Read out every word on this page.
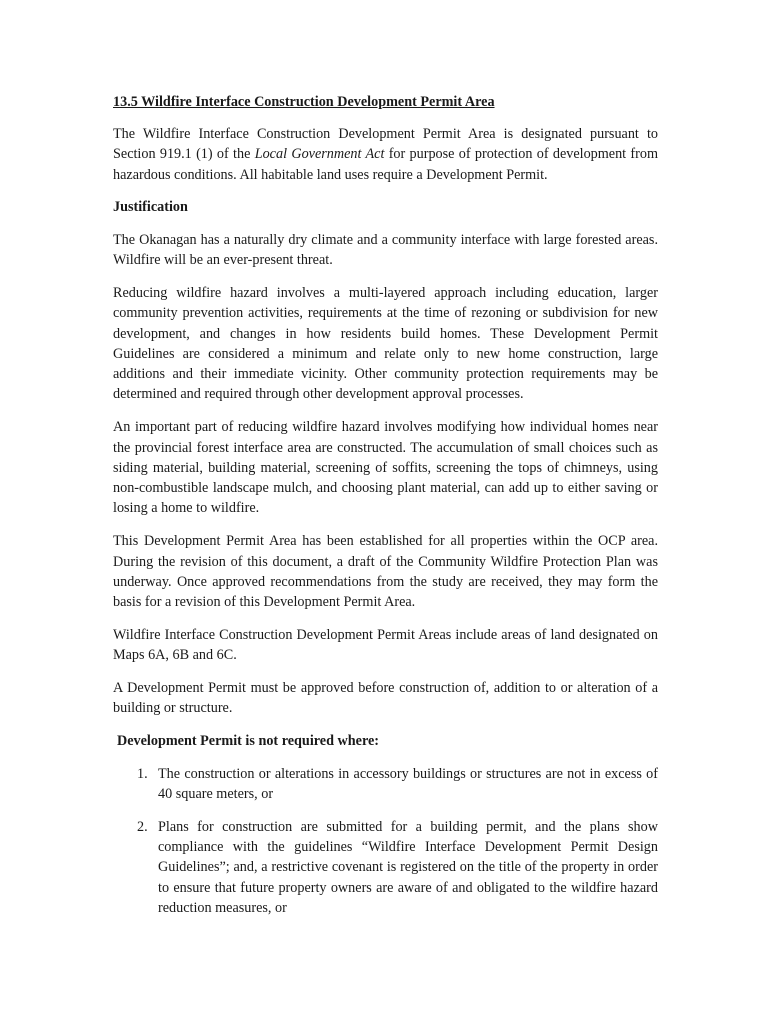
13.5 Wildfire Interface Construction Development Permit Area

The Wildfire Interface Construction Development Permit Area is designated pursuant to Section 919.1 (1) of the Local Government Act for purpose of protection of development from hazardous conditions. All habitable land uses require a Development Permit.

Justification

The Okanagan has a naturally dry climate and a community interface with large forested areas. Wildfire will be an ever-present threat.

Reducing wildfire hazard involves a multi-layered approach including education, larger community prevention activities, requirements at the time of rezoning or subdivision for new development, and changes in how residents build homes. These Development Permit Guidelines are considered a minimum and relate only to new home construction, large additions and their immediate vicinity. Other community protection requirements may be determined and required through other development approval processes.

An important part of reducing wildfire hazard involves modifying how individual homes near the provincial forest interface area are constructed. The accumulation of small choices such as siding material, building material, screening of soffits, screening the tops of chimneys, using non-combustible landscape mulch, and choosing plant material, can add up to either saving or losing a home to wildfire.

This Development Permit Area has been established for all properties within the OCP area. During the revision of this document, a draft of the Community Wildfire Protection Plan was underway. Once approved recommendations from the study are received, they may form the basis for a revision of this Development Permit Area.

Wildfire Interface Construction Development Permit Areas include areas of land designated on Maps 6A, 6B and 6C.

A Development Permit must be approved before construction of, addition to or alteration of a building or structure.

Development Permit is not required where:
1. The construction or alterations in accessory buildings or structures are not in excess of 40 square meters, or
2. Plans for construction are submitted for a building permit, and the plans show compliance with the guidelines “Wildfire Interface Development Permit Design Guidelines”; and, a restrictive covenant is registered on the title of the property in order to ensure that future property owners are aware of and obligated to the wildfire hazard reduction measures, or
